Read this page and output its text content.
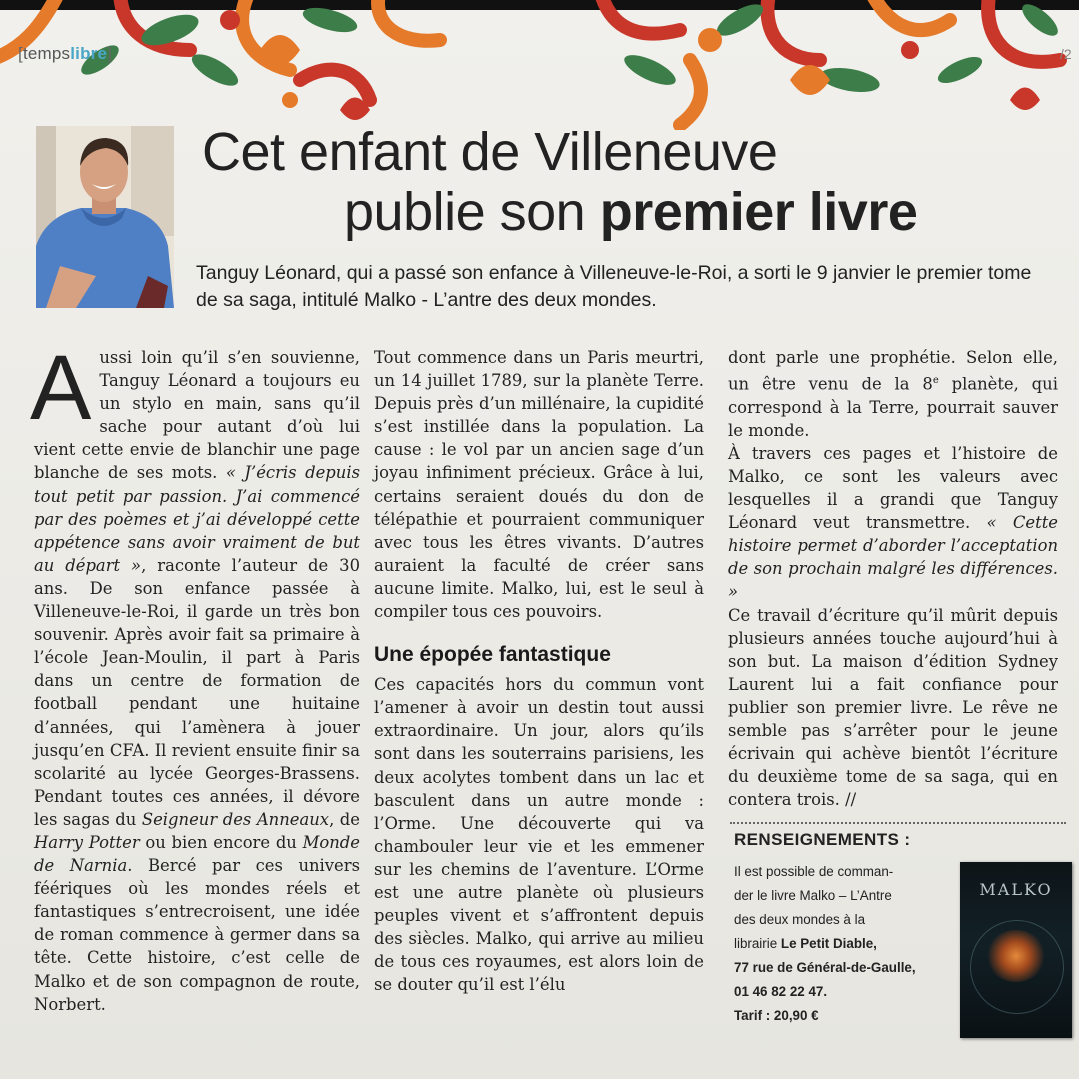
[tempslibre]	/2
Cet enfant de Villeneuve
publie son premier livre
Tanguy Léonard, qui a passé son enfance à Villeneuve-le-Roi, a sorti le 9 janvier le premier tome de sa saga, intitulé Malko - L’antre des deux mondes.

Aussi loin qu’il s’en souvienne, Tanguy Léonard a toujours eu un stylo en main, sans qu’il sache pour autant d’où lui vient cette envie de blanchir une page blanche de ses mots. « J’écris depuis tout petit par passion. J’ai commencé par des poèmes et j’ai développé cette appétence sans avoir vraiment de but au départ », raconte l’auteur de 30 ans. De son enfance passée à Villeneuve-le-Roi, il garde un très bon souvenir. Après avoir fait sa primaire à l’école Jean-Moulin, il part à Paris dans un centre de formation de football pendant une huitaine d’années, qui l’amènera à jouer jusqu’en CFA. Il revient ensuite finir sa scolarité au lycée Georges-Brassens. Pendant toutes ces années, il dévore les sagas du Seigneur des Anneaux, de Harry Potter ou bien encore du Monde de Narnia. Bercé par ces univers féériques où les mondes réels et fantastiques s’entrecroisent, une idée de roman commence à germer dans sa tête. Cette histoire, c’est celle de Malko et de son compagnon de route, Norbert.

Tout commence dans un Paris meurtri, un 14 juillet 1789, sur la planète Terre. Depuis près d’un millénaire, la cupidité s’est instillée dans la population. La cause : le vol par un ancien sage d’un joyau infiniment précieux. Grâce à lui, certains seraient doués du don de télépathie et pourraient communiquer avec tous les êtres vivants. D’autres auraient la faculté de créer sans aucune limite. Malko, lui, est le seul à compiler tous ces pouvoirs.

Une épopée fantastique

Ces capacités hors du commun vont l’amener à avoir un destin tout aussi extraordinaire. Un jour, alors qu’ils sont dans les souterrains parisiens, les deux acolytes tombent dans un lac et basculent dans un autre monde : l’Orme. Une découverte qui va chambouler leur vie et les emmener sur les chemins de l’aventure. L’Orme est une autre planète où plusieurs peuples vivent et s’affrontent depuis des siècles. Malko, qui arrive au milieu de tous ces royaumes, est alors loin de se douter qu’il est l’élu

dont parle une prophétie. Selon elle, un être venu de la 8e planète, qui correspond à la Terre, pourrait sauver le monde.

À travers ces pages et l’histoire de Malko, ce sont les valeurs avec lesquelles il a grandi que Tanguy Léonard veut transmettre. « Cette histoire permet d’aborder l’acceptation de son prochain malgré les différences. »

Ce travail d’écriture qu’il mûrit depuis plusieurs années touche aujourd’hui à son but. La maison d’édition Sydney Laurent lui a fait confiance pour publier son premier livre. Le rêve ne semble pas s’arrêter pour le jeune écrivain qui achève bientôt l’écriture du deuxième tome de sa saga, qui en contera trois. //

RENSEIGNEMENTS :
Il est possible de comman-
der le livre Malko – L’Antre
des deux mondes à la
librairie Le Petit Diable,
77 rue de Général-de-Gaulle,
01 46 82 22 47.
Tarif : 20,90 €
MALKO
